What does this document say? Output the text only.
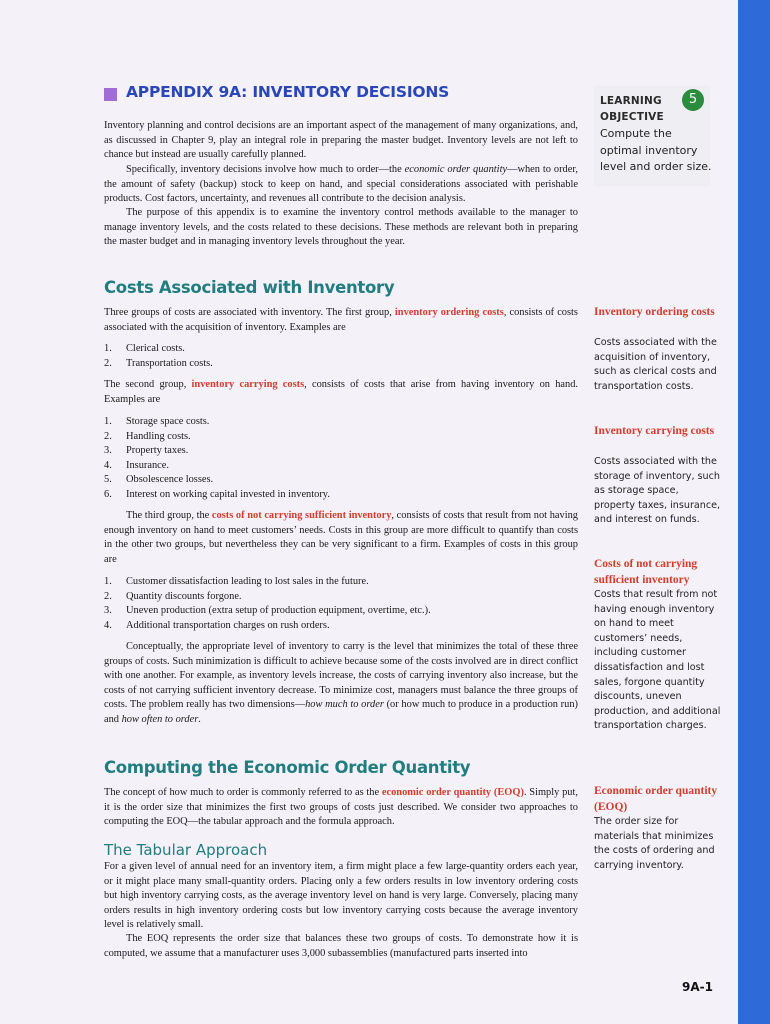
APPENDIX 9A: INVENTORY DECISIONS	LEARNING
OBJECTIVE
5
Compute the optimal inventory level and order size.
Inventory planning and control decisions are an important aspect of the management of many organizations, and, as discussed in Chapter 9, play an integral role in preparing the master budget. Inventory levels are not left to chance but instead are usually carefully planned.
Specifically, inventory decisions involve how much to order—the economic order quantity—when to order, the amount of safety (backup) stock to keep on hand, and special considerations associated with perishable products. Cost factors, uncertainty, and revenues all contribute to the decision analysis.
The purpose of this appendix is to examine the inventory control methods available to the manager to manage inventory levels, and the costs related to these decisions. These methods are relevant both in preparing the master budget and in managing inventory levels throughout the year.
Costs Associated with Inventory
Three groups of costs are associated with inventory. The first group, inventory ordering costs, consists of costs associated with the acquisition of inventory. Examples are
1. Clerical costs.
2. Transportation costs.
The second group, inventory carrying costs, consists of costs that arise from having inventory on hand. Examples are
1. Storage space costs.
2. Handling costs.
3. Property taxes.
4. Insurance.
5. Obsolescence losses.
6. Interest on working capital invested in inventory.
The third group, the costs of not carrying sufficient inventory, consists of costs that result from not having enough inventory on hand to meet customers’ needs. Costs in this group are more difficult to quantify than costs in the other two groups, but nevertheless they can be very significant to a firm. Examples of costs in this group are
1. Customer dissatisfaction leading to lost sales in the future.
2. Quantity discounts forgone.
3. Uneven production (extra setup of production equipment, overtime, etc.).
4. Additional transportation charges on rush orders.
Conceptually, the appropriate level of inventory to carry is the level that minimizes the total of these three groups of costs. Such minimization is difficult to achieve because some of the costs involved are in direct conflict with one another. For example, as inventory levels increase, the costs of carrying inventory also increase, but the costs of not carrying sufficient inventory decrease. To minimize cost, managers must balance the three groups of costs. The problem really has two dimensions—how much to order (or how much to produce in a production run) and how often to order.
Computing the Economic Order Quantity
The concept of how much to order is commonly referred to as the economic order quantity (EOQ). Simply put, it is the order size that minimizes the first two groups of costs just described. We consider two approaches to computing the EOQ—the tabular approach and the formula approach.
The Tabular Approach
For a given level of annual need for an inventory item, a firm might place a few large-quantity orders each year, or it might place many small-quantity orders. Placing only a few orders results in low inventory ordering costs but high inventory carrying costs, as the average inventory level on hand is very large. Conversely, placing many orders results in high inventory ordering costs but low inventory carrying costs because the average inventory level is relatively small.
The EOQ represents the order size that balances these two groups of costs. To demonstrate how it is computed, we assume that a manufacturer uses 3,000 subassemblies (manufactured parts inserted into
Inventory ordering costs
Costs associated with the acquisition of inventory, such as clerical costs and transportation costs.
Inventory carrying costs
Costs associated with the storage of inventory, such as storage space, property taxes, insurance, and interest on funds.
Costs of not carrying sufficient inventory
Costs that result from not having enough inventory on hand to meet customers’ needs, including customer dissatisfaction and lost sales, forgone quantity discounts, uneven production, and additional transportation charges.
Economic order quantity (EOQ)
The order size for materials that minimizes the costs of ordering and carrying inventory.
9A-1
